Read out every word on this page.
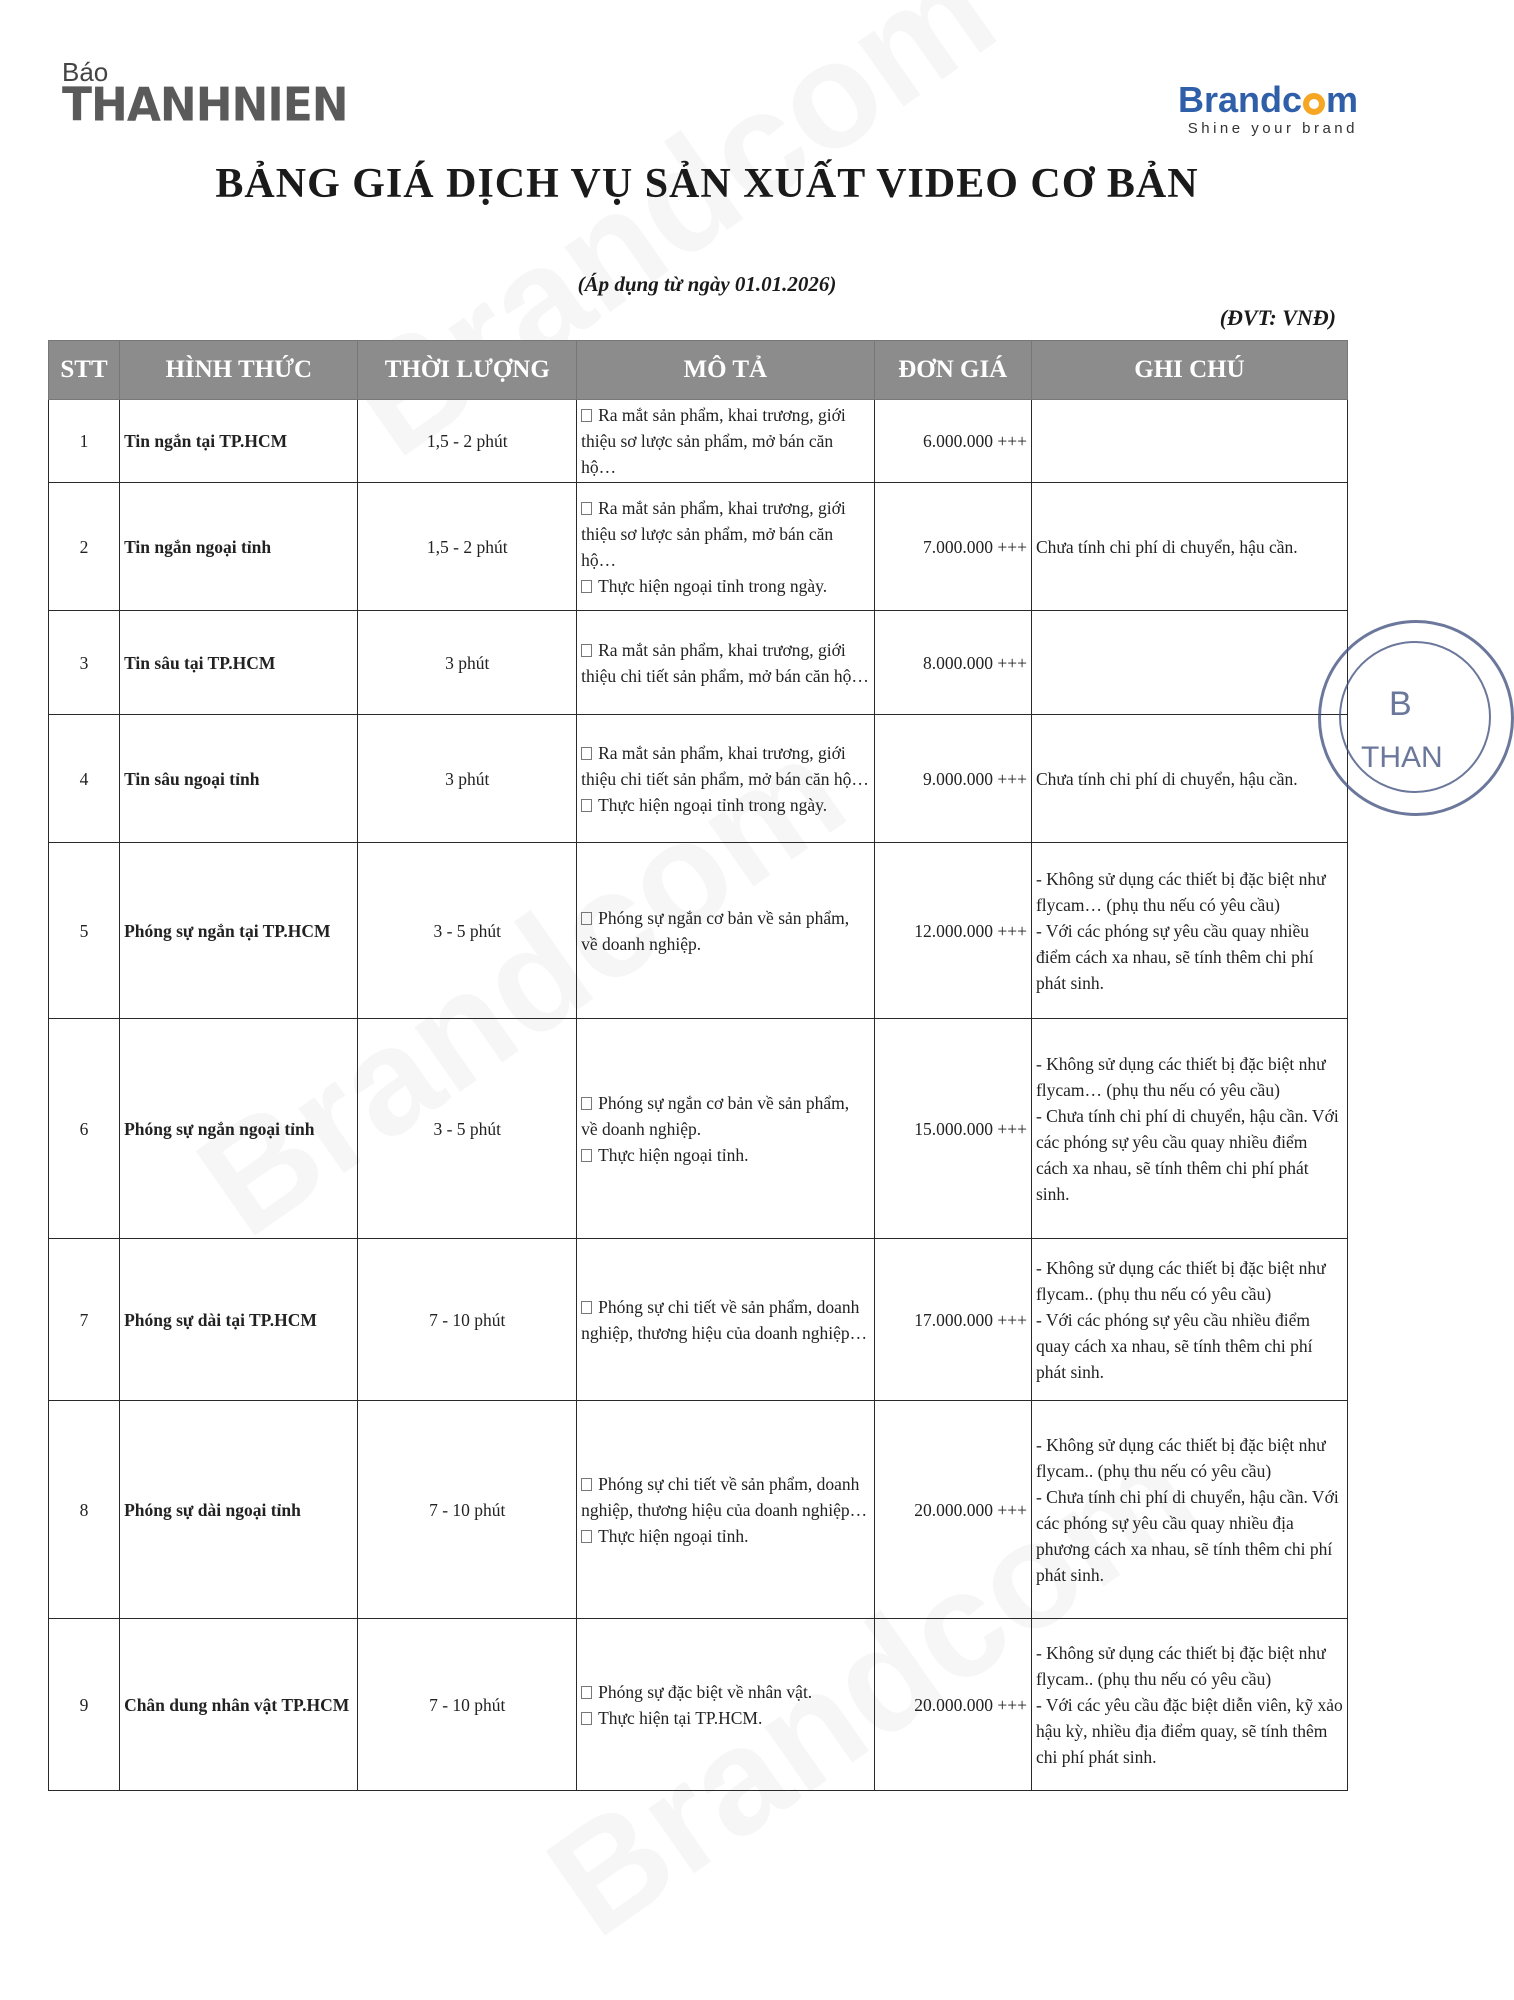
Báo
THANHNIEN	Brandc m
Shine your brand
BẢNG GIÁ DỊCH VỤ SẢN XUẤT VIDEO CƠ BẢN
(Áp dụng từ ngày 01.01.2026)
(ĐVT: VNĐ)
STT	HÌNH THỨC	THỜI LƯỢNG	MÔ TẢ	ĐƠN GIÁ	GHI CHÚ
1	Tin ngắn tại TP.HCM	1,5 - 2 phút	Ra mắt sản phẩm, khai trương, giới thiệu sơ lược sản phẩm, mở bán căn hộ…	6.000.000 +++	
2	Tin ngắn ngoại tỉnh	1,5 - 2 phút	Ra mắt sản phẩm, khai trương, giới thiệu sơ lược sản phẩm, mở bán căn hộ…
Thực hiện ngoại tỉnh trong ngày.	7.000.000 +++	Chưa tính chi phí di chuyển, hậu cần.

3	Tin sâu tại TP.HCM	3 phút	Ra mắt sản phẩm, khai trương, giới thiệu chi tiết sản phẩm, mở bán căn hộ…	8.000.000 +++	
4	Tin sâu ngoại tỉnh	3 phút	Ra mắt sản phẩm, khai trương, giới thiệu chi tiết sản phẩm, mở bán căn hộ…
Thực hiện ngoại tỉnh trong ngày.	9.000.000 +++	Chưa tính chi phí di chuyển, hậu cần.

5	Phóng sự ngắn tại TP.HCM	3 - 5 phút	Phóng sự ngắn cơ bản về sản phẩm, về doanh nghiệp.	12.000.000 +++	- Không sử dụng các thiết bị đặc biệt như flycam… (phụ thu nếu có yêu cầu)
- Với các phóng sự yêu cầu quay nhiều điểm cách xa nhau, sẽ tính thêm chi phí phát sinh.

6	Phóng sự ngắn ngoại tỉnh	3 - 5 phút	Phóng sự ngắn cơ bản về sản phẩm, về doanh nghiệp.
Thực hiện ngoại tỉnh.	15.000.000 +++	- Không sử dụng các thiết bị đặc biệt như flycam… (phụ thu nếu có yêu cầu)
- Chưa tính chi phí di chuyển, hậu cần. Với các phóng sự yêu cầu quay nhiều điểm cách xa nhau, sẽ tính thêm chi phí phát sinh.

7	Phóng sự dài tại TP.HCM	7 - 10 phút	Phóng sự chi tiết về sản phẩm, doanh nghiệp, thương hiệu của doanh nghiệp…	17.000.000 +++	- Không sử dụng các thiết bị đặc biệt như flycam.. (phụ thu nếu có yêu cầu)
- Với các phóng sự yêu cầu nhiều điểm quay cách xa nhau, sẽ tính thêm chi phí phát sinh.

8	Phóng sự dài ngoại tỉnh	7 - 10 phút	Phóng sự chi tiết về sản phẩm, doanh nghiệp, thương hiệu của doanh nghiệp…
Thực hiện ngoại tỉnh.	20.000.000 +++	- Không sử dụng các thiết bị đặc biệt như flycam.. (phụ thu nếu có yêu cầu)
- Chưa tính chi phí di chuyển, hậu cần. Với các phóng sự yêu cầu quay nhiều địa phương cách xa nhau, sẽ tính thêm chi phí phát sinh.

9	Chân dung nhân vật TP.HCM	7 - 10 phút	Phóng sự đặc biệt về nhân vật.
Thực hiện tại TP.HCM.	20.000.000 +++	- Không sử dụng các thiết bị đặc biệt như flycam.. (phụ thu nếu có yêu cầu)
- Với các yêu cầu đặc biệt diễn viên, kỹ xảo hậu kỳ, nhiều địa điểm quay, sẽ tính thêm chi phí phát sinh.
B
THAN
